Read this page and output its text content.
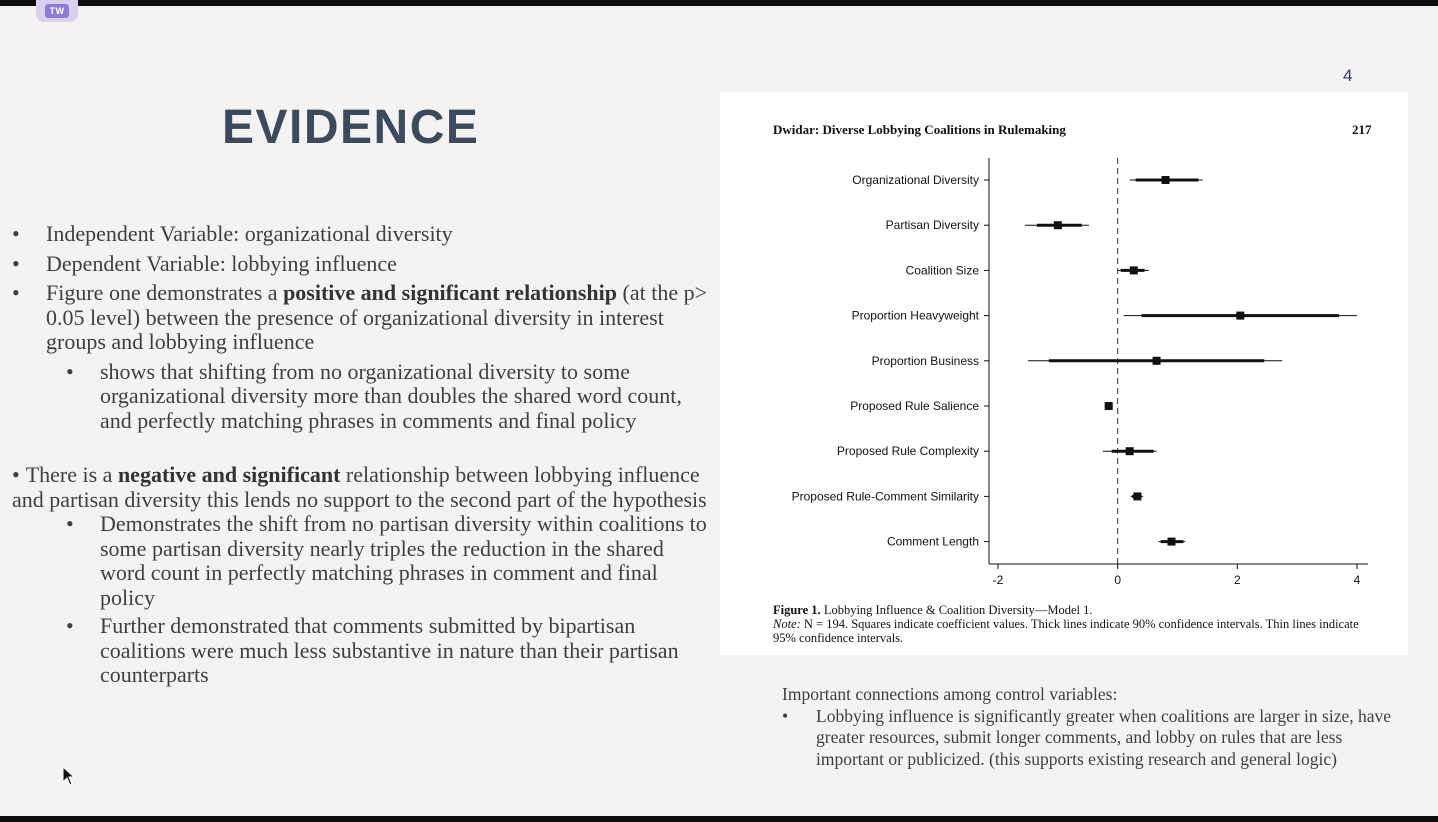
TW
4
EVIDENCE
• Independent Variable: organizational diversity
• Dependent Variable: lobbying influence
• Figure one demonstrates a positive and significant relationship (at the p> 0.05 level) between the presence of organizational diversity in interest groups and lobbying influence
• shows that shifting from no organizational diversity to some organizational diversity more than doubles the shared word count, and perfectly matching phrases in comments and final policy
• There is a negative and significant relationship between lobbying influence and partisan diversity this lends no support to the second part of the hypothesis
• Demonstrates the shift from no partisan diversity within coalitions to some partisan diversity nearly triples the reduction in the shared word count in perfectly matching phrases in comment and final policy
• Further demonstrated that comments submitted by bipartisan coalitions were much less substantive in nature than their partisan counterparts
Dwidar: Diverse Lobbying Coalitions in Rulemaking	217
-2	0	2	4
Organizational Diversity
Partisan Diversity
Coalition Size
Proportion Heavyweight
Proportion Business
Proposed Rule Salience
Proposed Rule Complexity
Proposed Rule-Comment Similarity
Comment Length
Figure 1. Lobbying Influence & Coalition Diversity—Model 1.
Note: N = 194. Squares indicate coefficient values. Thick lines indicate 90% confidence intervals. Thin lines indicate 95% confidence intervals.
Important connections among control variables:
• Lobbying influence is significantly greater when coalitions are larger in size, have greater resources, submit longer comments, and lobby on rules that are less important or publicized. (this supports existing research and general logic)
